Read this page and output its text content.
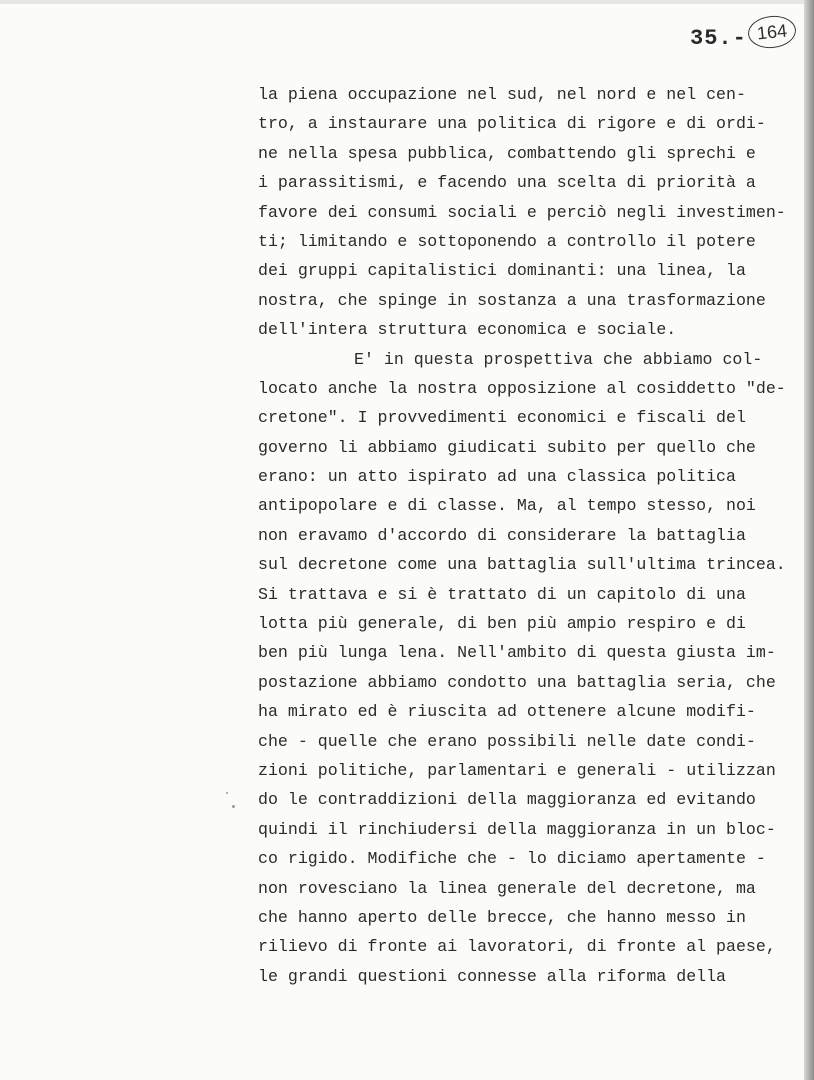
35.- 164
la piena occupazione nel sud, nel nord e nel cen-
tro, a instaurare una politica di rigore e di ordi-
ne nella spesa pubblica, combattendo gli sprechi e
i parassitismi, e facendo una scelta di priorità a
favore dei consumi sociali e perciò negli investimen-
ti; limitando e sottoponendo a controllo il potere
dei gruppi capitalistici dominanti: una linea, la
nostra, che spinge in sostanza a una trasformazione
dell'intera struttura economica e sociale.
E' in questa prospettiva che abbiamo col-
locato anche la nostra opposizione al cosiddetto "de-
cretone". I provvedimenti economici e fiscali del
governo li abbiamo giudicati subito per quello che
erano: un atto ispirato ad una classica politica
antipopolare e di classe. Ma, al tempo stesso, noi
non eravamo d'accordo di considerare la battaglia
sul decretone come una battaglia sull'ultima trincea.
Si trattava e si è trattato di un capitolo di una
lotta più generale, di ben più ampio respiro e di
ben più lunga lena. Nell'ambito di questa giusta im-
postazione abbiamo condotto una battaglia seria, che
ha mirato ed è riuscita ad ottenere alcune modifi-
che - quelle che erano possibili nelle date condi-
zioni politiche, parlamentari e generali - utilizzan
do le contraddizioni della maggioranza ed evitando
quindi il rinchiudersi della maggioranza in un bloc-
co rigido. Modifiche che - lo diciamo apertamente -
non rovesciano la linea generale del decretone, ma
che hanno aperto delle brecce, che hanno messo in
rilievo di fronte ai lavoratori, di fronte al paese,
le grandi questioni connesse alla riforma della
